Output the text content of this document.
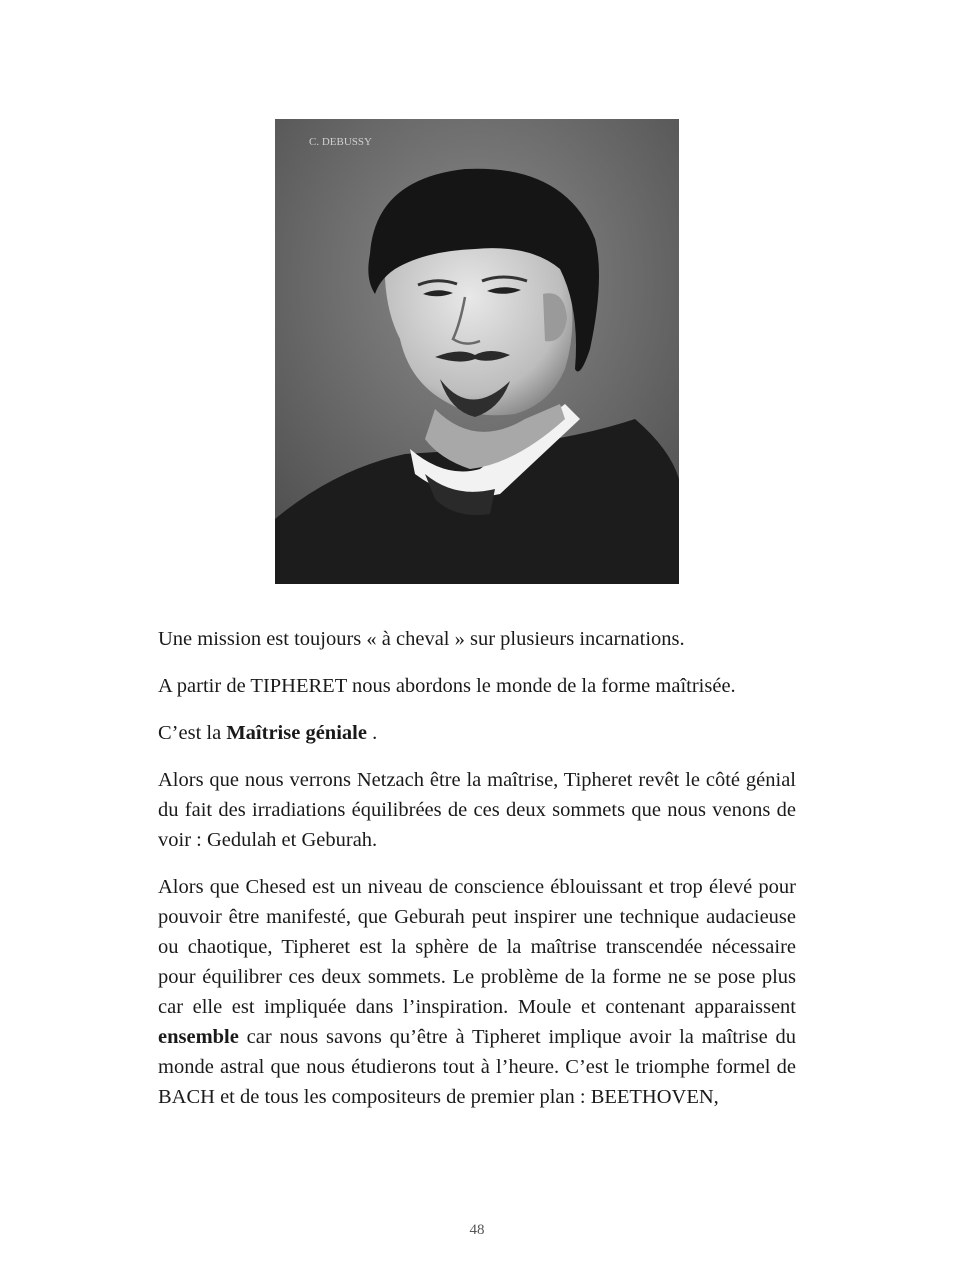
C. DEBUSSY

Une mission est toujours « à cheval » sur plusieurs incarnations.

A partir de TIPHERET nous abordons le monde de la forme maîtrisée.

C’est la Maîtrise géniale .

Alors que nous verrons Netzach être la maîtrise, Tipheret revêt le côté génial du fait des irradiations équilibrées de ces deux sommets que nous venons de voir : Gedulah et Geburah.

Alors que Chesed est un niveau de conscience éblouissant et trop élevé pour pouvoir être manifesté, que Geburah peut inspirer une technique audacieuse ou chaotique, Tipheret est la sphère de la maîtrise transcendée nécessaire pour équilibrer ces deux sommets. Le problème de la forme ne se pose plus car elle est impliquée dans l’inspiration. Moule et contenant apparaissent ensemble car nous savons qu’être à Tipheret implique avoir la maîtrise du monde astral que nous étudierons tout à l’heure. C’est le triomphe formel de BACH et de tous les compositeurs de premier plan : BEETHOVEN,

48
